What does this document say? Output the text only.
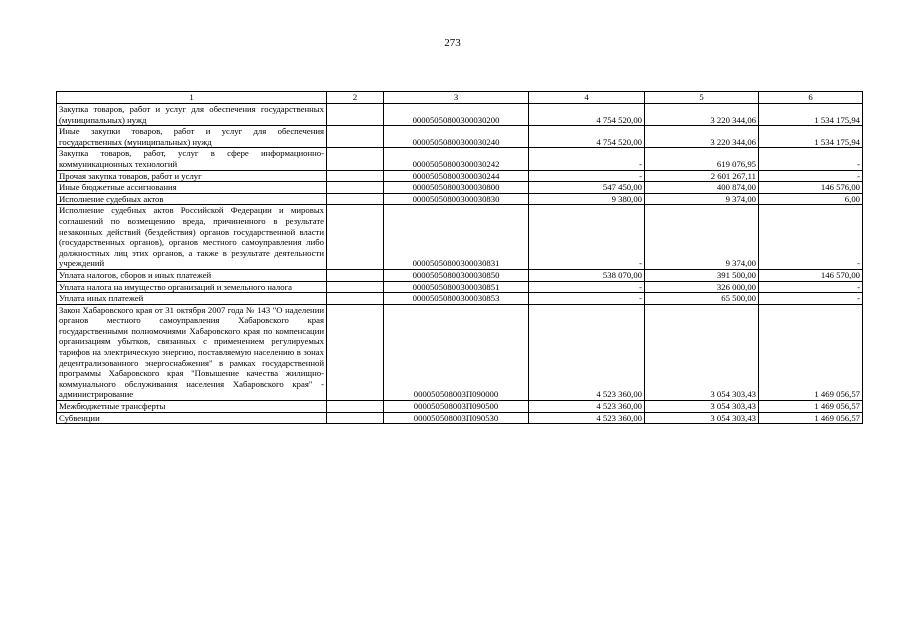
273
1	2	3	4	5	6
Закупка товаров, работ и услуг для обеспечения государственных (муниципальных) нужд		0000505080030003020​0	4 754 520,00	3 220 344,06	1 534 175,94
Иные закупки товаров, работ и услуг для обеспечения государственных (муниципальных) нужд		00005050800300030240	4 754 520,00	3 220 344,06	1 534 175,94
Закупка товаров, работ, услуг в сфере информационно-коммуникационных технологий		00005050800300030242	-	619 076,95	-
Прочая закупка товаров, работ и услуг		00005050800300030244	-	2 601 267,11	-
Иные бюджетные ассигнования		00005050800300030800	547 450,00	400 874,00	146 576,00
Исполнение судебных актов		00005050800300030830	9 380,00	9 374,00	6,00
Исполнение судебных актов Российской Федерации и мировых соглашений по возмещению вреда, причиненного в результате незаконных действий (бездействия) органов государственной власти (государственных органов), органов местного самоуправления либо должностных лиц этих органов, а также в результате деятельности учреждений		00005050800300030831	-	9 374,00	-
Уплата налогов, сборов и иных платежей		00005050800300030850	538 070,00	391 500,00	146 570,00
Уплата налога на имущество организаций и земельного налога		00005050800300030851	-	326 000,00	-
Уплата иных платежей		00005050800300030853	-	65 500,00	-
Закон Хабаровского края от 31 октября 2007 года № 143 "О наделении органов местного самоуправления Хабаровского края государственными полномочиями Хабаровского края по компенсации организациям убытков, связанных с применением регулируемых тарифов на электрическую энергию, поставляемую населению в зонах децентрализованного энергоснабжения" в рамках государственной программы Хабаровского края "Повышение качества жилищно-коммунального обслуживания населения Хабаровского края" - администрирование		000050508003П090000	4 523 360,00	3 054 303,43	1 469 056,57
Межбюджетные трансферты		000050508003П090500	4 523 360,00	3 054 303,43	1 469 056,57
Субвенции		000050508003П090530	4 523 360,00	3 054 303,43	1 469 056,57
